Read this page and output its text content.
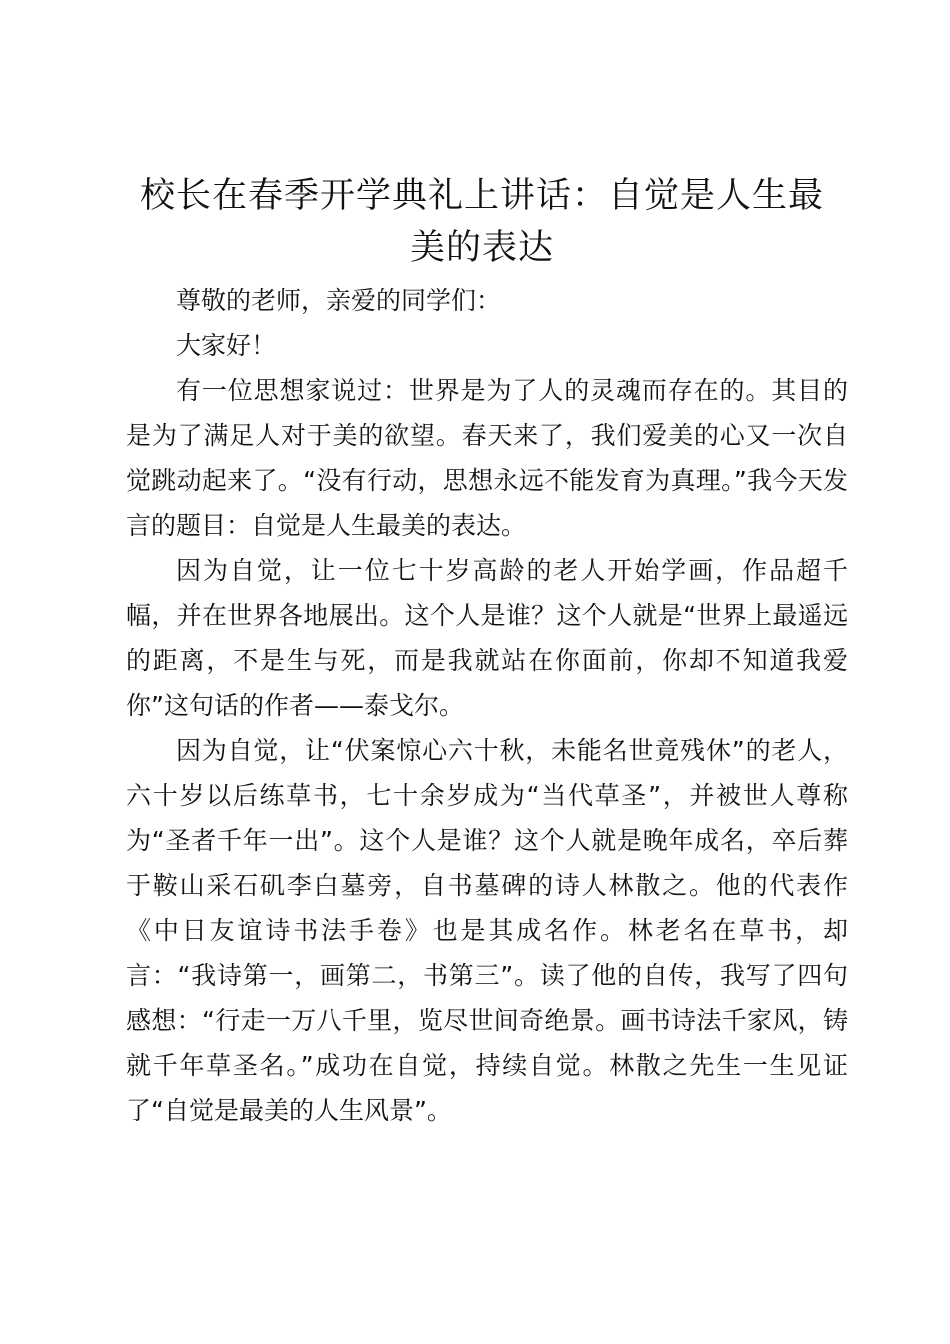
校长在春季开学典礼上讲话：自觉是人生最美的表达

尊敬的老师，亲爱的同学们：

大家好！

有一位思想家说过：世界是为了人的灵魂而存在的。其目的是为了满足人对于美的欲望。春天来了，我们爱美的心又一次自觉跳动起来了。“没有行动，思想永远不能发育为真理。”我今天发言的题目：自觉是人生最美的表达。

因为自觉，让一位七十岁高龄的老人开始学画，作品超千幅，并在世界各地展出。这个人是谁？这个人就是“世界上最遥远的距离，不是生与死，而是我就站在你面前，你却不知道我爱你”这句话的作者——泰戈尔。

因为自觉，让“伏案惊心六十秋，未能名世竟残休”的老人，六十岁以后练草书，七十余岁成为“当代草圣”，并被世人尊称为“圣者千年一出”。这个人是谁？这个人就是晚年成名，卒后葬于鞍山采石矶李白墓旁，自书墓碑的诗人林散之。他的代表作《中日友谊诗书法手卷》也是其成名作。林老名在草书，却言：“我诗第一，画第二，书第三”。读了他的自传，我写了四句感想：“行走一万八千里，览尽世间奇绝景。画书诗法千家风，铸就千年草圣名。”成功在自觉，持续自觉。林散之先生一生见证了“自觉是最美的人生风景”。
